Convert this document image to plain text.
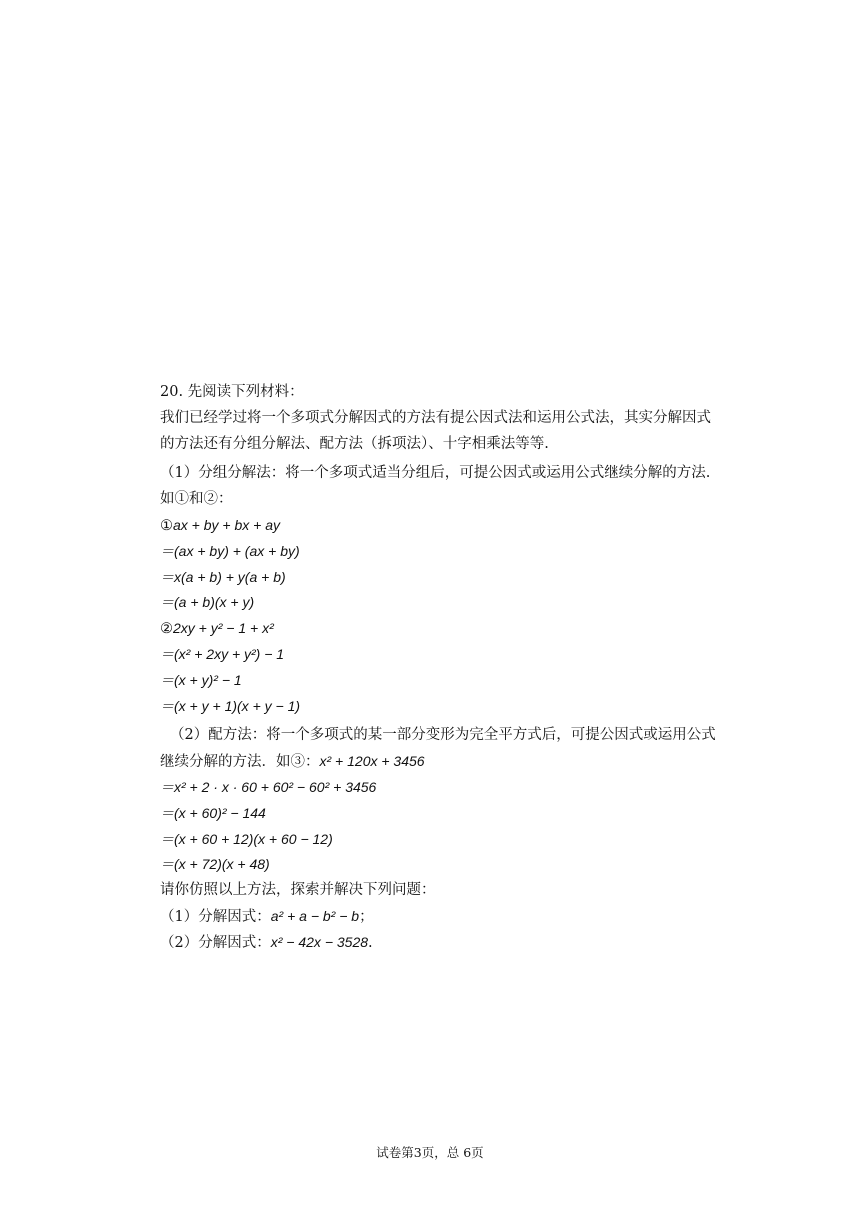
20. 先阅读下列材料：
我们已经学过将一个多项式分解因式的方法有提公因式法和运用公式法，其实分解因式
的方法还有分组分解法、配方法（拆项法）、十字相乘法等等.
（1）分组分解法：将一个多项式适当分组后，可提公因式或运用公式继续分解的方法.
如①和②：
①ax + by + bx + ay
＝(ax + by) + (ax + by)
＝x(a + b) + y(a + b)
＝(a + b)(x + y)
②2xy + y² − 1 + x²
＝(x² + 2xy + y²) − 1
＝(x + y)² − 1
＝(x + y + 1)(x + y − 1)
（2）配方法：将一个多项式的某一部分变形为完全平方式后，可提公因式或运用公式
继续分解的方法．如③：x² + 120x + 3456
＝x² + 2 · x · 60 + 60² − 60² + 3456
＝(x + 60)² − 144
＝(x + 60 + 12)(x + 60 − 12)
＝(x + 72)(x + 48)
请你仿照以上方法，探索并解决下列问题：
（1）分解因式：a² + a − b² − b；
（2）分解因式：x² − 42x − 3528.
试卷第3页，总 6页
